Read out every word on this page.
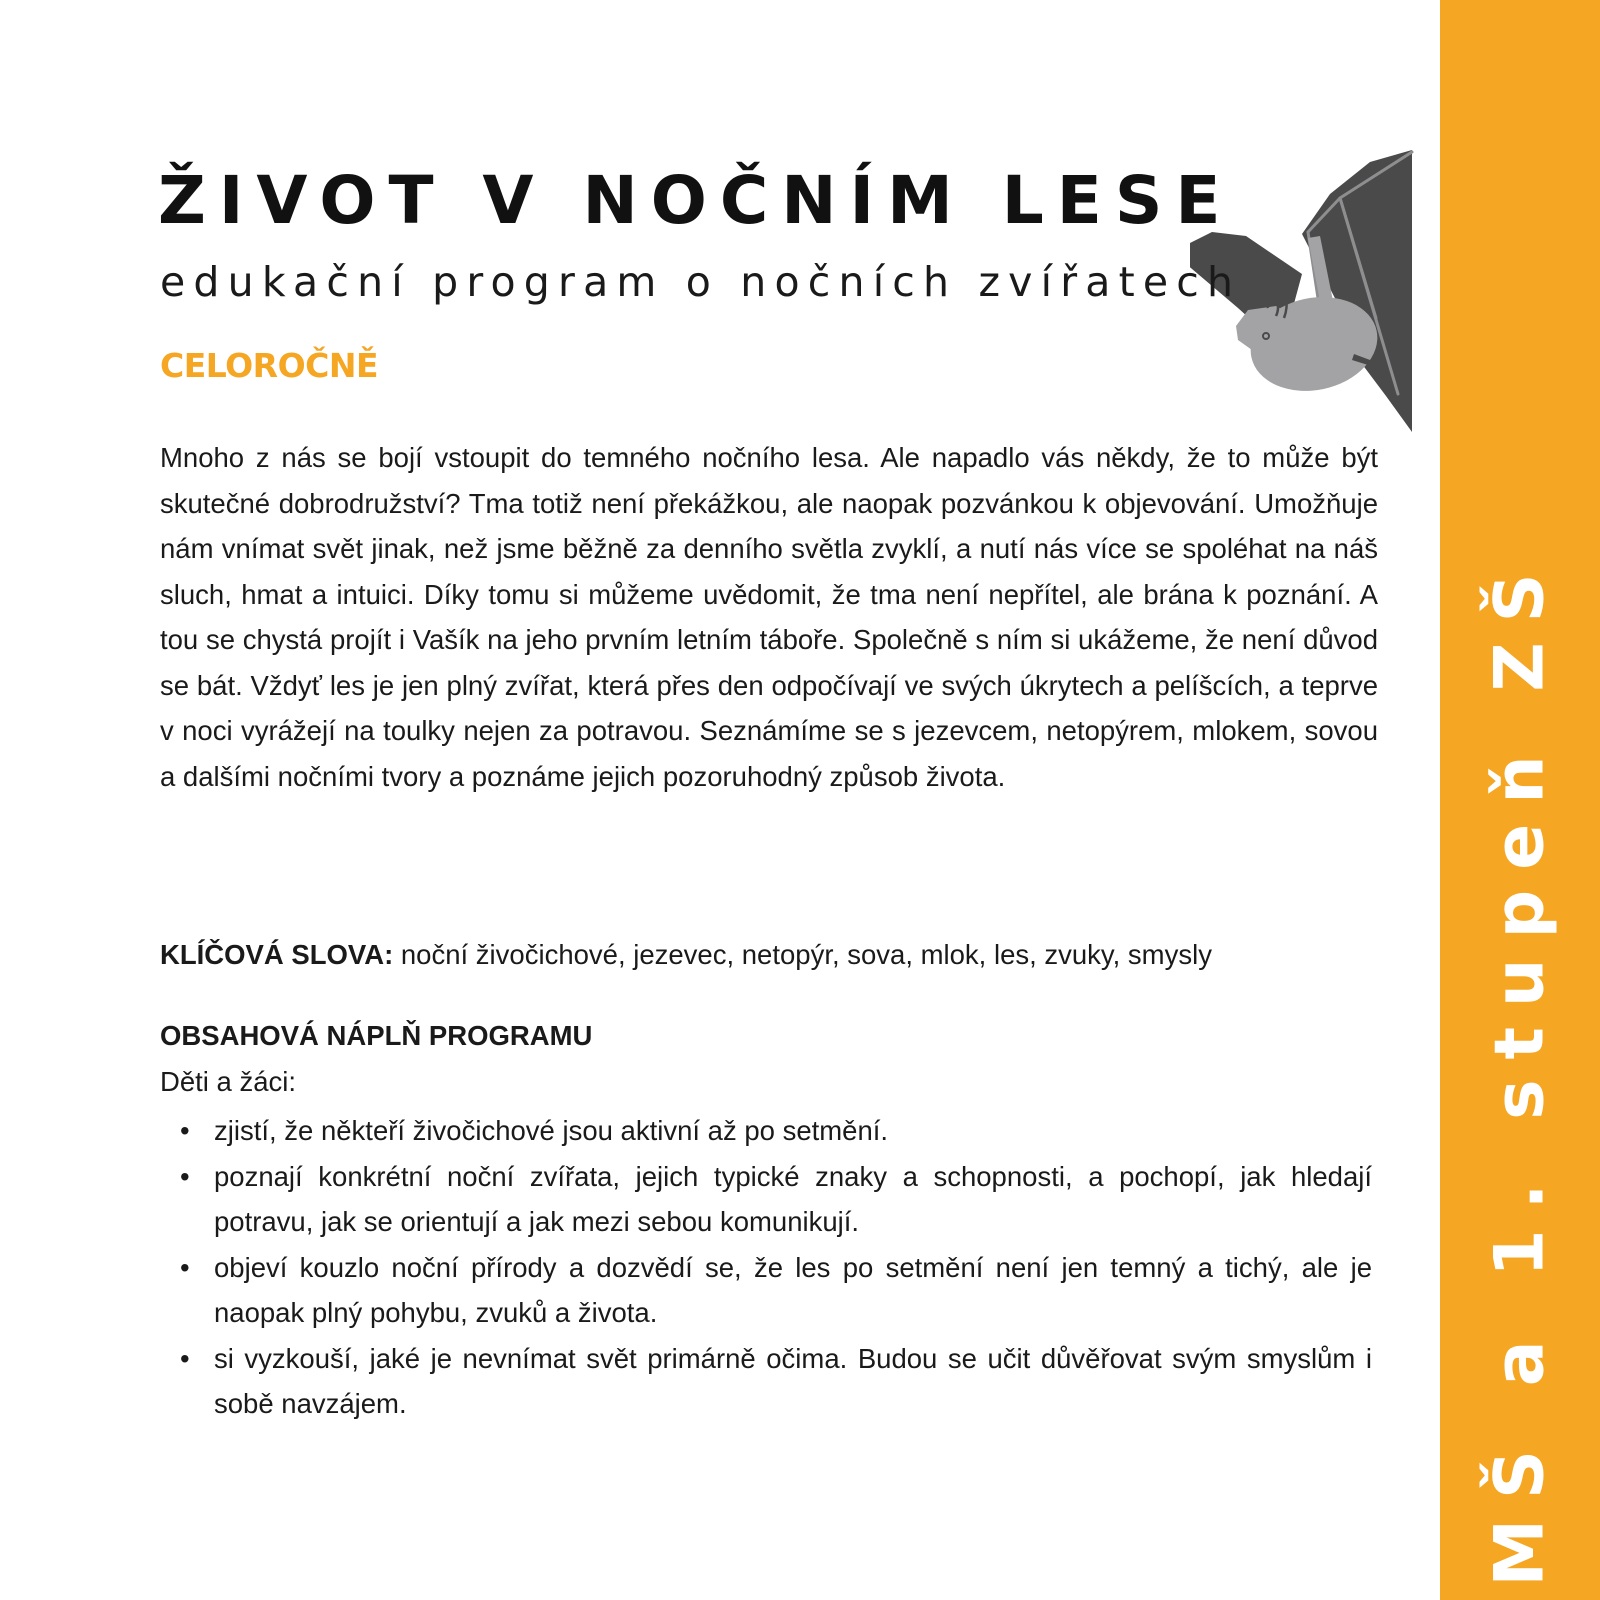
MŠ a 1. stupeň ZŠ
ŽIVOT V NOČNÍM LESE

edukační program o nočních zvířatech

CELOROČNĚ

Mnoho z nás se bojí vstoupit do temného nočního lesa. Ale napadlo vás někdy, že to může být skutečné dobrodružství? Tma totiž není překážkou, ale naopak pozvánkou k objevování. Umožňuje nám vnímat svět jinak, než jsme běžně za denního světla zvyklí, a nutí nás více se spoléhat na náš sluch, hmat a intuici. Díky tomu si můžeme uvědomit, že tma není nepřítel, ale brána k poznání. A tou se chystá projít i Vašík na jeho prvním letním táboře. Společně s ním si ukážeme, že není důvod se bát. Vždyť les je jen plný zvířat, která přes den odpočívají ve svých úkrytech a pelíšcích, a teprve v noci vyrážejí na toulky nejen za potravou. Seznámíme se s jezevcem, netopýrem, mlokem, sovou a dalšími nočními tvory a poznáme jejich pozoruhodný způsob života.

KLÍČOVÁ SLOVA: noční živočichové, jezevec, netopýr, sova, mlok, les, zvuky, smysly

OBSAHOVÁ NÁPLŇ PROGRAMU

Děti a žáci:

• zjistí, že někteří živočichové jsou aktivní až po setmění.
• poznají konkrétní noční zvířata, jejich typické znaky a schopnosti, a pochopí, jak hledají potravu, jak se orientují a jak mezi sebou komunikují.
• objeví kouzlo noční přírody a dozvědí se, že les po setmění není jen temný a tichý, ale je naopak plný pohybu, zvuků a života.
• si vyzkouší, jaké je nevnímat svět primárně očima. Budou se učit důvěřovat svým smyslům i sobě navzájem.
